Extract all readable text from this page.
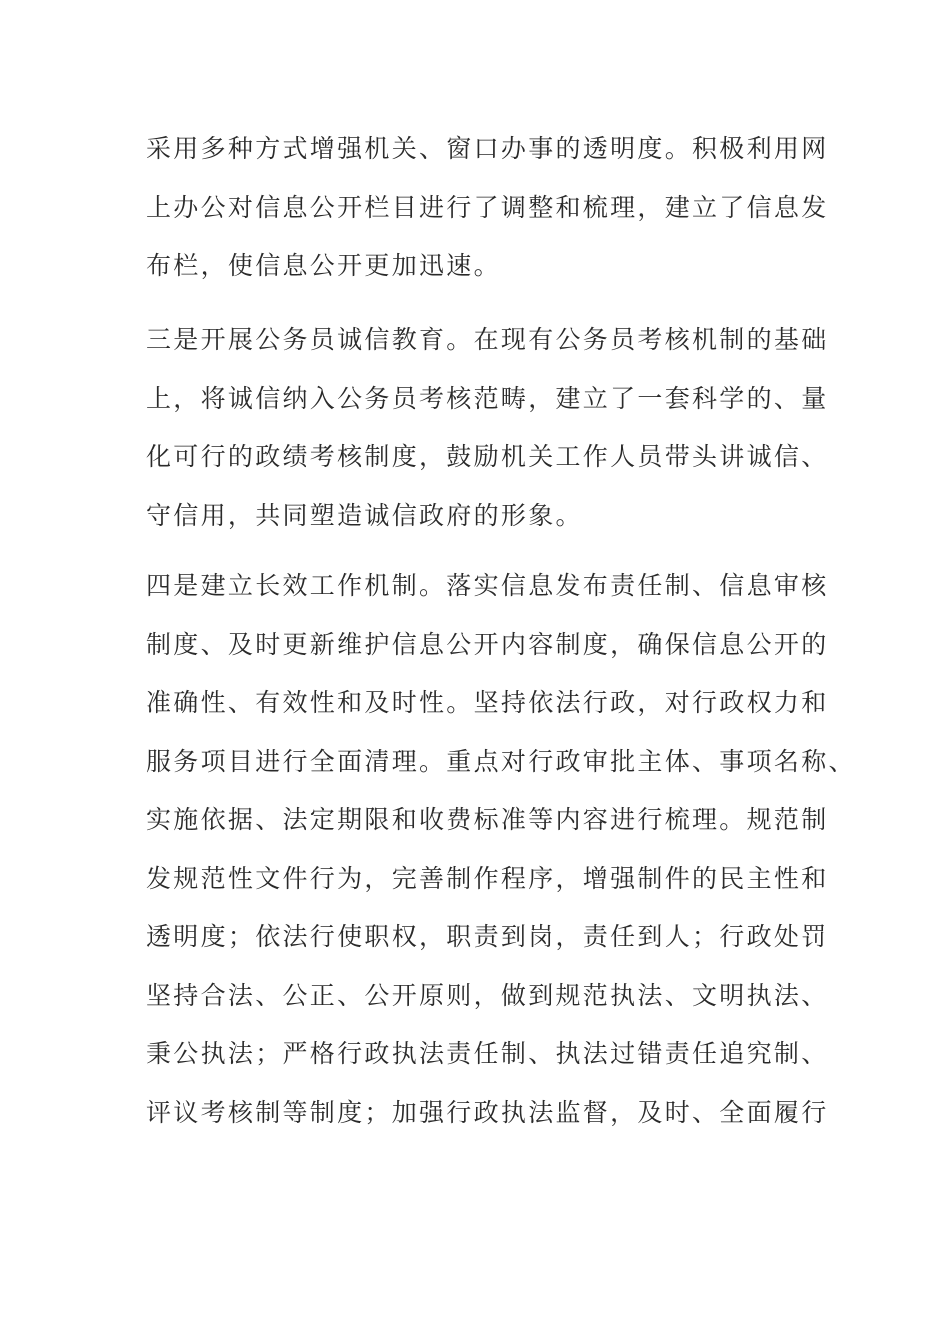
采用多种方式增强机关、窗口办事的透明度。积极利用网
上办公对信息公开栏目进行了调整和梳理，建立了信息发
布栏，使信息公开更加迅速。
三是开展公务员诚信教育。在现有公务员考核机制的基础
上，将诚信纳入公务员考核范畴，建立了一套科学的、量
化可行的政绩考核制度，鼓励机关工作人员带头讲诚信、
守信用，共同塑造诚信政府的形象。
四是建立长效工作机制。落实信息发布责任制、信息审核
制度、及时更新维护信息公开内容制度，确保信息公开的
准确性、有效性和及时性。坚持依法行政，对行政权力和
服务项目进行全面清理。重点对行政审批主体、事项名称、
实施依据、法定期限和收费标准等内容进行梳理。规范制
发规范性文件行为，完善制作程序，增强制件的民主性和
透明度；依法行使职权，职责到岗，责任到人；行政处罚
坚持合法、公正、公开原则，做到规范执法、文明执法、
秉公执法；严格行政执法责任制、执法过错责任追究制、
评议考核制等制度；加强行政执法监督，及时、全面履行
